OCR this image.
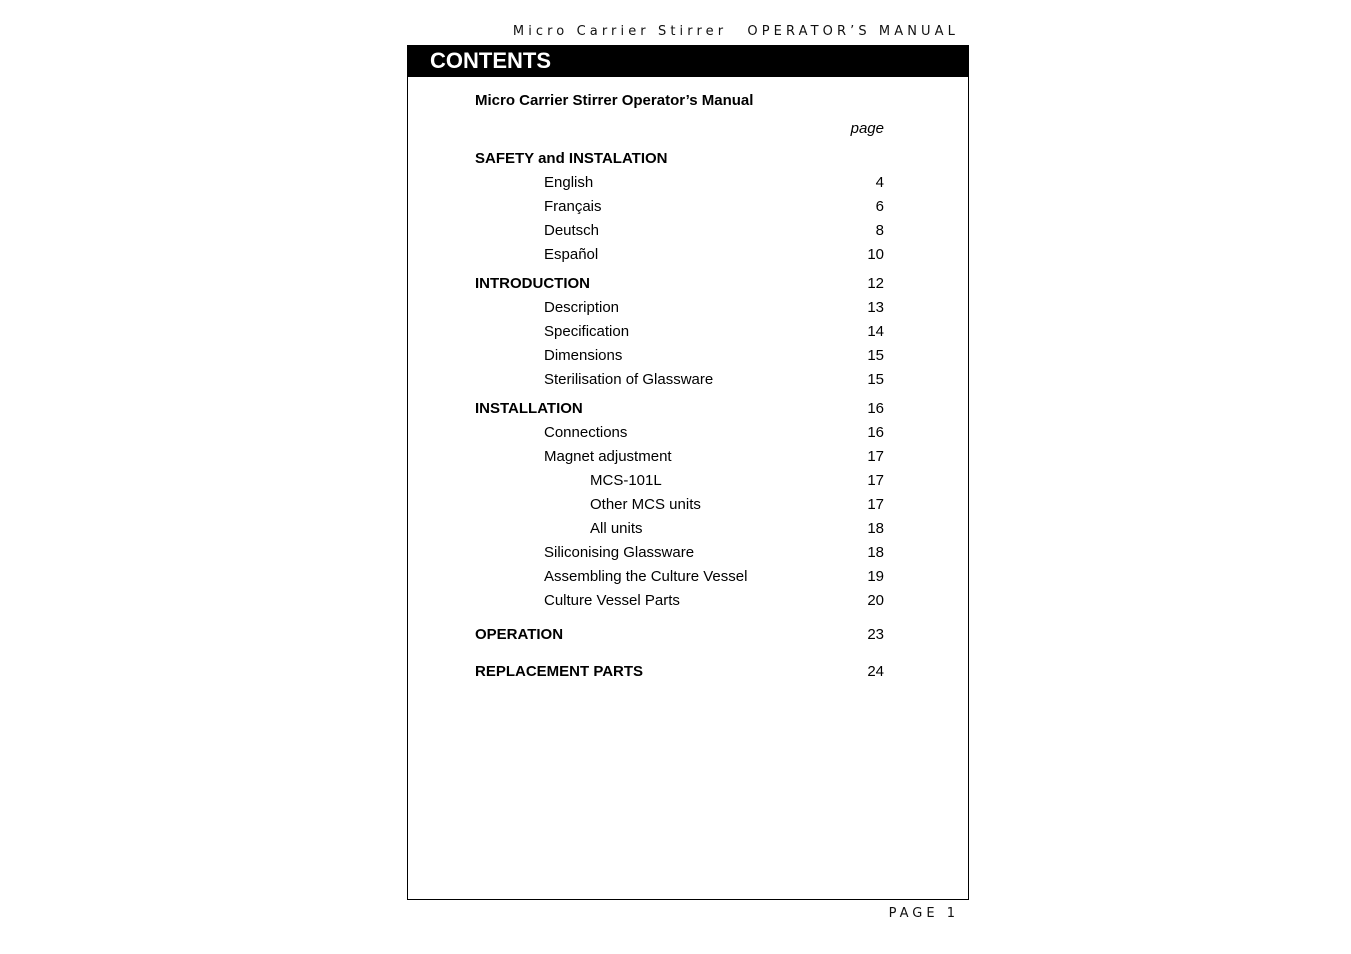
Micro Carrier Stirrer OPERATOR’S MANUAL
CONTENTS
Micro Carrier Stirrer Operator’s Manual
page
SAFETY and INSTALATION
English	4
Français	6
Deutsch	8
Español	10
INTRODUCTION	12
Description	13
Specification	14
Dimensions	15
Sterilisation of Glassware	15
INSTALLATION	16
Connections	16
Magnet adjustment	17
MCS-101L	17
Other MCS units	17
All units	18
Siliconising Glassware	18
Assembling the Culture Vessel	19
Culture Vessel Parts	20
OPERATION	23
REPLACEMENT PARTS	24
PAGE 1
